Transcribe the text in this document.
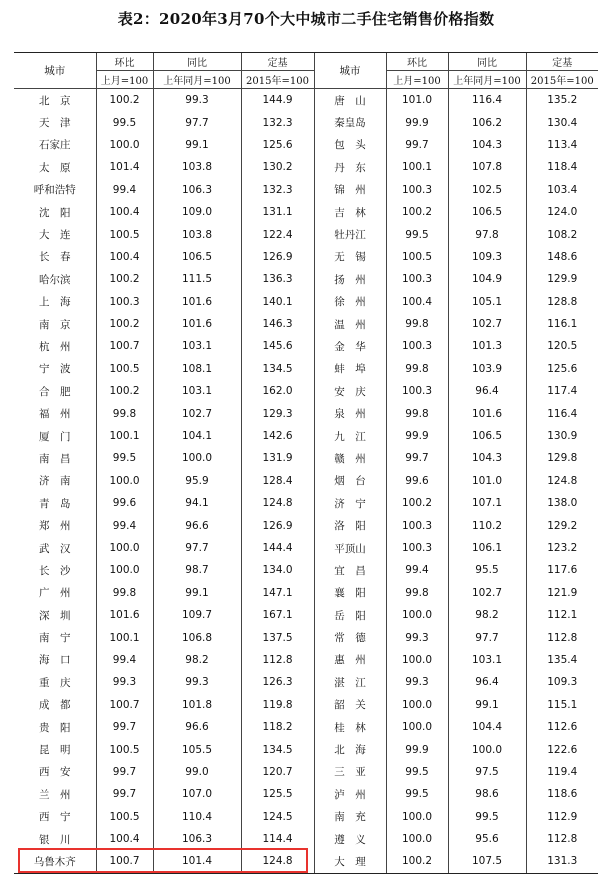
表2：2020年3月70个大中城市二手住宅销售价格指数
城市	环比	同比	定基	城市	环比	同比	定基
	上月=100	上年同月=100	2015年=100		上月=100	上年同月=100	2015年=100
北　京	100.2	99.3	144.9	唐　山	101.0	116.4	135.2
天　津	99.5	97.7	132.3	秦皇岛	99.9	106.2	130.4
石家庄	100.0	99.1	125.6	包　头	99.7	104.3	113.4
太　原	101.4	103.8	130.2	丹　东	100.1	107.8	118.4
呼和浩特	99.4	106.3	132.3	锦　州	100.3	102.5	103.4
沈　阳	100.4	109.0	131.1	吉　林	100.2	106.5	124.0
大　连	100.5	103.8	122.4	牡丹江	99.5	97.8	108.2
长　春	100.4	106.5	126.9	无　锡	100.5	109.3	148.6
哈尔滨	100.2	111.5	136.3	扬　州	100.3	104.9	129.9
上　海	100.3	101.6	140.1	徐　州	100.4	105.1	128.8
南　京	100.2	101.6	146.3	温　州	99.8	102.7	116.1
杭　州	100.7	103.1	145.6	金　华	100.3	101.3	120.5
宁　波	100.5	108.1	134.5	蚌　埠	99.8	103.9	125.6
合　肥	100.2	103.1	162.0	安　庆	100.3	96.4	117.4
福　州	99.8	102.7	129.3	泉　州	99.8	101.6	116.4
厦　门	100.1	104.1	142.6	九　江	99.9	106.5	130.9
南　昌	99.5	100.0	131.9	赣　州	99.7	104.3	129.8
济　南	100.0	95.9	128.4	烟　台	99.6	101.0	124.8
青　岛	99.6	94.1	124.8	济　宁	100.2	107.1	138.0
郑　州	99.4	96.6	126.9	洛　阳	100.3	110.2	129.2
武　汉	100.0	97.7	144.4	平顶山	100.3	106.1	123.2
长　沙	100.0	98.7	134.0	宜　昌	99.4	95.5	117.6
广　州	99.8	99.1	147.1	襄　阳	99.8	102.7	121.9
深　圳	101.6	109.7	167.1	岳　阳	100.0	98.2	112.1
南　宁	100.1	106.8	137.5	常　德	99.3	97.7	112.8
海　口	99.4	98.2	112.8	惠　州	100.0	103.1	135.4
重　庆	99.3	99.3	126.3	湛　江	99.3	96.4	109.3
成　都	100.7	101.8	119.8	韶　关	100.0	99.1	115.1
贵　阳	99.7	96.6	118.2	桂　林	100.0	104.4	112.6
昆　明	100.5	105.5	134.5	北　海	99.9	100.0	122.6
西　安	99.7	99.0	120.7	三　亚	99.5	97.5	119.4
兰　州	99.7	107.0	125.5	泸　州	99.5	98.6	118.6
西　宁	100.5	110.4	124.5	南　充	100.0	99.5	112.9
银　川	100.4	106.3	114.4	遵　义	100.0	95.6	112.8
乌鲁木齐	100.7	101.4	124.8	大　理	100.2	107.5	131.3
